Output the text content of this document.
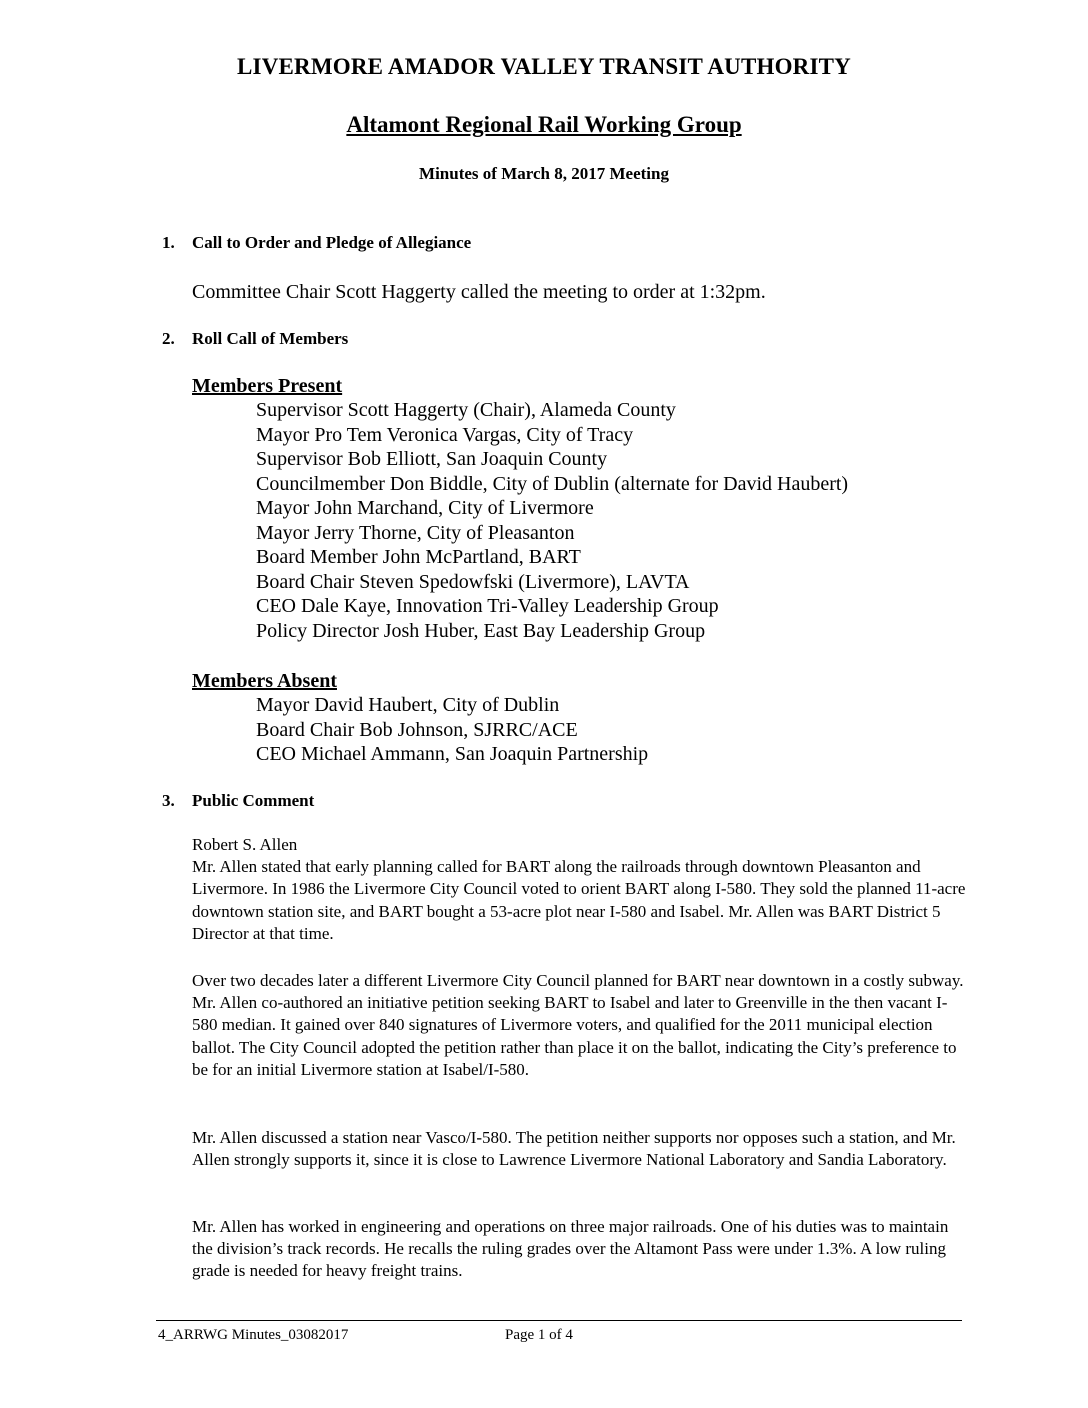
LIVERMORE AMADOR VALLEY TRANSIT AUTHORITY
Altamont Regional Rail Working Group
Minutes of March 8, 2017 Meeting
1. Call to Order and Pledge of Allegiance
Committee Chair Scott Haggerty called the meeting to order at 1:32pm.
2. Roll Call of Members
Members Present
Supervisor Scott Haggerty (Chair), Alameda County
Mayor Pro Tem Veronica Vargas, City of Tracy
Supervisor Bob Elliott, San Joaquin County
Councilmember Don Biddle, City of Dublin (alternate for David Haubert)
Mayor John Marchand, City of Livermore
Mayor Jerry Thorne, City of Pleasanton
Board Member John McPartland, BART
Board Chair Steven Spedowfski (Livermore), LAVTA
CEO Dale Kaye, Innovation Tri-Valley Leadership Group
Policy Director Josh Huber, East Bay Leadership Group
Members Absent
Mayor David Haubert, City of Dublin
Board Chair Bob Johnson, SJRRC/ACE
CEO Michael Ammann, San Joaquin Partnership
3. Public Comment

Robert S. Allen

Mr. Allen stated that early planning called for BART along the railroads through downtown Pleasanton and Livermore. In 1986 the Livermore City Council voted to orient BART along I-580. They sold the planned 11-acre downtown station site, and BART bought a 53-acre plot near I-580 and Isabel. Mr. Allen was BART District 5 Director at that time.

Over two decades later a different Livermore City Council planned for BART near downtown in a costly subway. Mr. Allen co-authored an initiative petition seeking BART to Isabel and later to Greenville in the then vacant I-580 median. It gained over 840 signatures of Livermore voters, and qualified for the 2011 municipal election ballot. The City Council adopted the petition rather than place it on the ballot, indicating the City’s preference to be for an initial Livermore station at Isabel/I-580.
Mr. Allen discussed a station near Vasco/I-580. The petition neither supports nor opposes such a station, and Mr. Allen strongly supports it, since it is close to Lawrence Livermore National Laboratory and Sandia Laboratory.
Mr. Allen has worked in engineering and operations on three major railroads. One of his duties was to maintain the division’s track records. He recalls the ruling grades over the Altamont Pass were under 1.3%. A low ruling grade is needed for heavy freight trains.
4_ARRWG Minutes_03082017	Page 1 of 4
